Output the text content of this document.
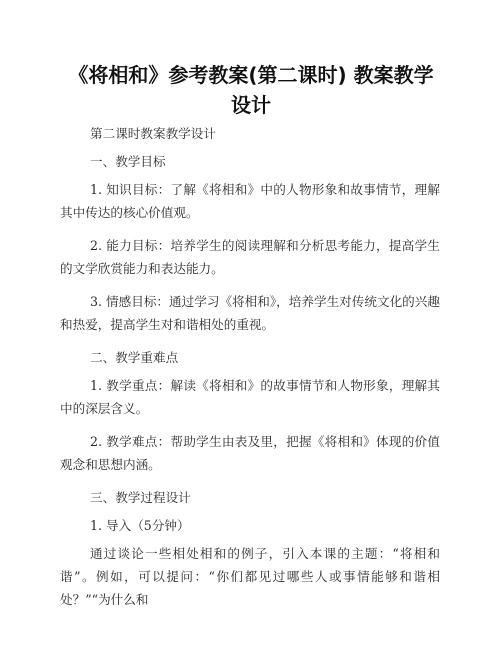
《将相和》参考教案(第二课时) 教案教学设计

第二课时教案教学设计

一、教学目标

1. 知识目标：了解《将相和》中的人物形象和故事情节，理解其中传达的核心价值观。

2. 能力目标：培养学生的阅读理解和分析思考能力，提高学生的文学欣赏能力和表达能力。

3. 情感目标：通过学习《将相和》，培养学生对传统文化的兴趣和热爱，提高学生对和谐相处的重视。

二、教学重难点

1. 教学重点：解读《将相和》的故事情节和人物形象，理解其中的深层含义。

2. 教学难点：帮助学生由表及里，把握《将相和》体现的价值观念和思想内涵。

三、教学过程设计

1. 导入（5分钟）

通过谈论一些相处相和的例子，引入本课的主题：“将相和谐”。例如，可以提问：“你们都见过哪些人或事情能够和谐相处？”“为什么和
